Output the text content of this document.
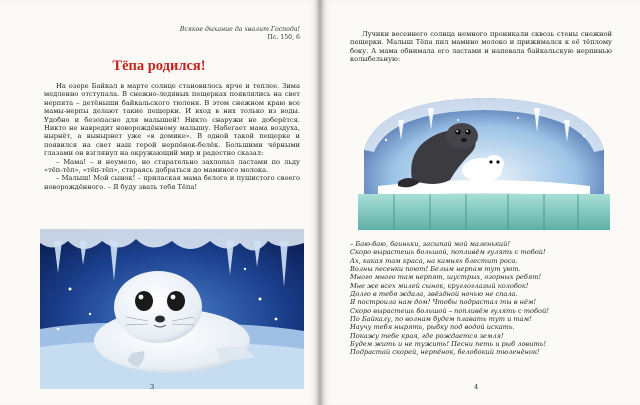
Всякое дыхание да хвалит Господа!
Пс. 150, 6
Тёпа родился!

На озере Байкал в марте солнце становилось ярче и теплее. Зима медленно отступала. В снежно-ледяных пещерках появлялись на свет нерпята – детёныши байкальского тюленя. В этом снежном краю все мамы-нерпы делают такие пещерки. И вход в них только из воды. Удобно и безопасно для малышей! Никто снаружи не доберётся. Никто не навредит новорождённому малышу. Набегает мама воздуха, нырнёт, а вынырнет уже «в домике». В одной такой пещерке и появился на свет наш герой нерпёнок-белёк. Большими чёрными глазами он взглянул на окружающий мир и радостно сказал:

– Мама! – и неумело, но старательно захлопал ластами по льду «тёп-тёп», «тёп-тёп», стараясь добраться до маминого молока.

– Малыш! Мой сынок! – прилаская мама белого и пушистого своего новорождённого. – Я буду звать тебя Тёпа!

3

Лучики весеннего солнца немного проникали сквозь стены снежной пещерки. Малыш Тёпа пил мамино молоко и прижимался к её тёплому боку. А мама обнимала его ластами и напевала байкальскую нерпинью колыбельную:

– Баю-баю, баиньки, засыпай мой маленький!
Скоро вырастешь большой, попливём гулять с тобой!
Ах, какая там краса, на камнях блестит роса.
Волны песенки поют! Белым нерпам тут уют.
Много много там нерпят, шустрых, озорных ребят!
Мне же всех милей сынок, круглоглазый колобок!
Долго в тебя ждала, звёздной ночью не спала.
Я построила нам дом! Чтобы подрастал ты в нём!
Скоро вырастешь большой – попливём гулять с тобой!
По Байкалу, по волнам будем плавать тут и там!
Научу тебя нырять, рыбку под водой искать.
Покажу тебе края, где рождается земля!
Будем жить и не тужить! Песни петь и рыб ловить!
Подрастай скорей, нерпёнок, белобокий тюленёнок!
4
